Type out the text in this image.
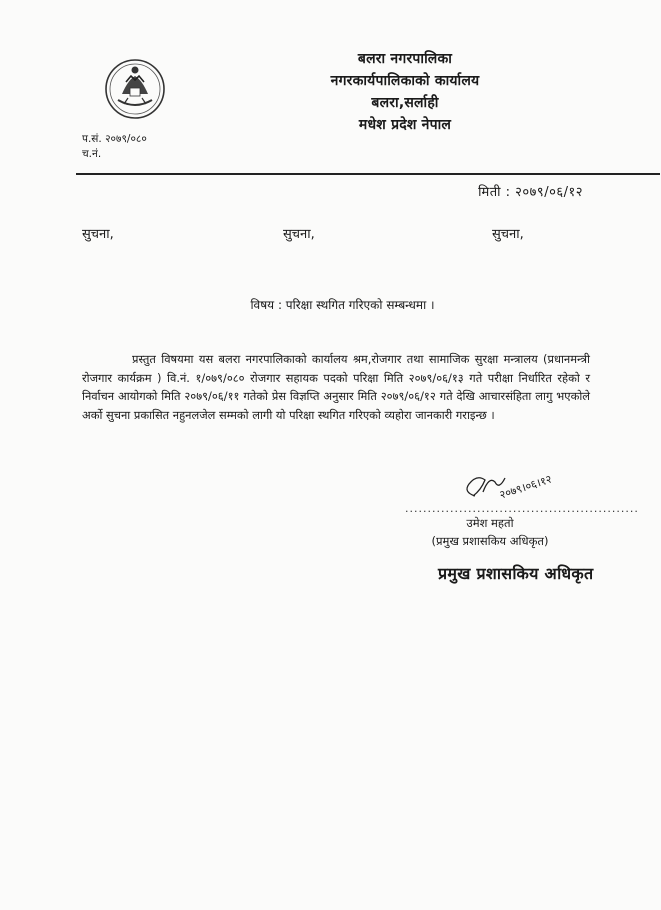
बलरा नगरपालिका
नगरकार्यपालिकाको कार्यालय
बलरा,सर्लाही
मधेश प्रदेश नेपाल
प.सं. २०७९/०८०
च.नं.
मिती : २०७९/०६/१२
सुचना,	सुचना,	सुचना,
विषय : परिक्षा स्थगित गरिएको सम्बन्धमा ।
प्रस्तुत विषयमा यस बलरा नगरपालिकाको कार्यालय श्रम,रोजगार तथा सामाजिक सुरक्षा मन्त्रालय (प्रधानमन्त्री रोजगार कार्यक्रम ) वि.नं. १/०७९/०८० रोजगार सहायक पदको परिक्षा मिति २०७९/०६/१३ गते परीक्षा निर्धारित रहेको र निर्वाचन आयोगको मिति २०७९/०६/११ गतेको प्रेस विज्ञप्ति अनुसार मिति २०७९/०६/१२ गते देखि आचारसंहिता लागु भएकोले अर्को सुचना प्रकासित नहुनलजेल सम्मको लागी यो परिक्षा स्थगित गरिएको व्यहोरा जानकारी गराइन्छ ।
२०७९।०६।१२
....................................................
उमेश महतो
(प्रमुख प्रशासकिय अधिकृत)
प्रमुख प्रशासकिय अधिकृत
